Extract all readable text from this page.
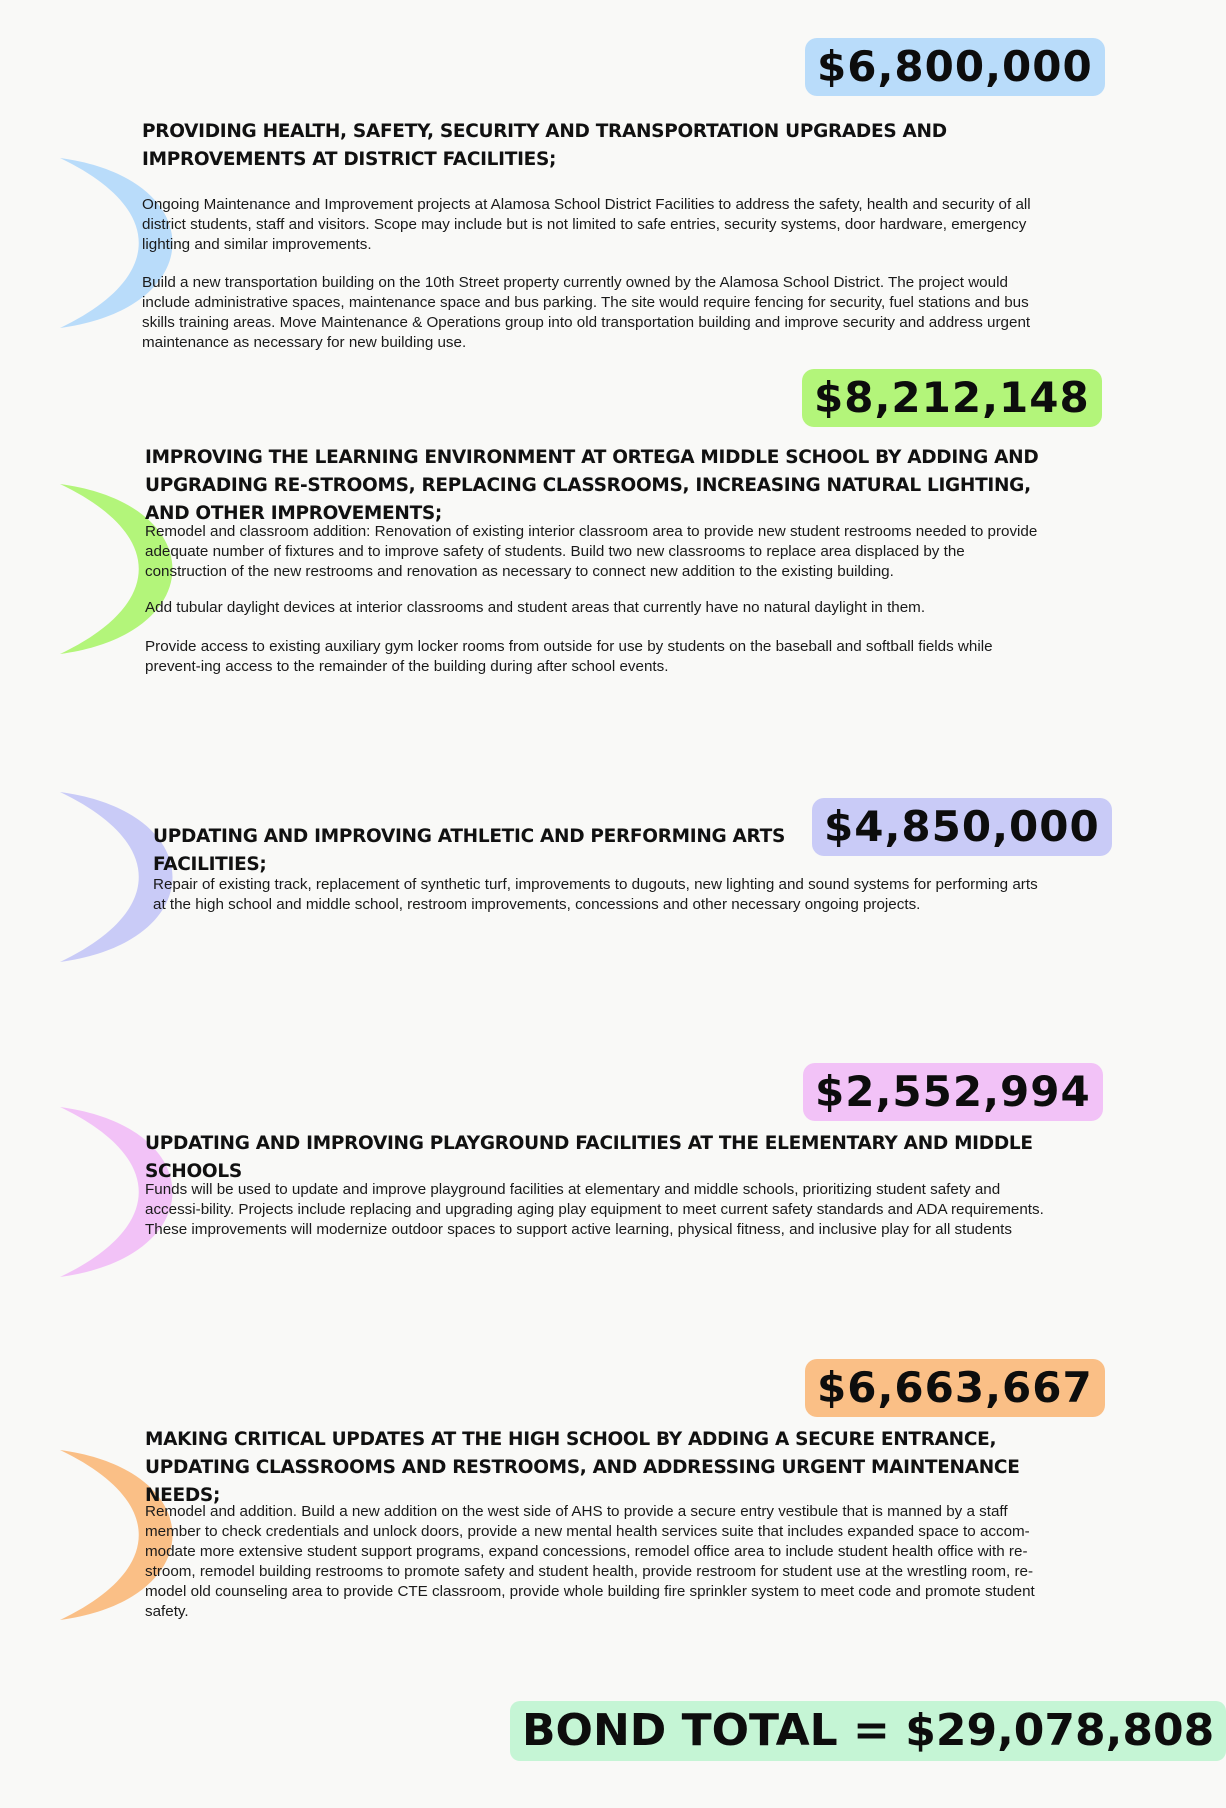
$6,800,000
PROVIDING HEALTH, SAFETY, SECURITY AND TRANSPORTATION UPGRADES AND IMPROVEMENTS AT DISTRICT FACILITIES;

Ongoing Maintenance and Improvement projects at Alamosa School District Facilities to address the safety, health and security of all district students, staff and visitors. Scope may include but is not limited to safe entries, security systems, door hardware, emergency lighting and similar improvements.

Build a new transportation building on the 10th Street property currently owned by the Alamosa School District. The project would include administrative spaces, maintenance space and bus parking. The site would require fencing for security, fuel stations and bus skills training areas. Move Maintenance & Operations group into old transportation building and improve security and address urgent maintenance as necessary for new building use.

$8,212,148
IMPROVING THE LEARNING ENVIRONMENT AT ORTEGA MIDDLE SCHOOL BY ADDING AND UPGRADING RE-STROOMS, REPLACING CLASSROOMS, INCREASING NATURAL LIGHTING, AND OTHER IMPROVEMENTS;

Remodel and classroom addition: Renovation of existing interior classroom area to provide new student restrooms needed to provide adequate number of fixtures and to improve safety of students. Build two new classrooms to replace area displaced by the construction of the new restrooms and renovation as necessary to connect new addition to the existing building.

Add tubular daylight devices at interior classrooms and student areas that currently have no natural daylight in them.

Provide access to existing auxiliary gym locker rooms from outside for use by students on the baseball and softball fields while prevent-ing access to the remainder of the building during after school events.

$4,850,000
UPDATING AND IMPROVING ATHLETIC AND PERFORMING ARTS FACILITIES;

Repair of existing track, replacement of synthetic turf, improvements to dugouts, new lighting and sound systems for performing arts at the high school and middle school, restroom improvements, concessions and other necessary ongoing projects.

$2,552,994
UPDATING AND IMPROVING PLAYGROUND FACILITIES AT THE ELEMENTARY AND MIDDLE SCHOOLS

Funds will be used to update and improve playground facilities at elementary and middle schools, prioritizing student safety and accessi-bility. Projects include replacing and upgrading aging play equipment to meet current safety standards and ADA requirements. These improvements will modernize outdoor spaces to support active learning, physical fitness, and inclusive play for all students

$6,663,667
MAKING CRITICAL UPDATES AT THE HIGH SCHOOL BY ADDING A SECURE ENTRANCE, UPDATING CLASSROOMS AND RESTROOMS, AND ADDRESSING URGENT MAINTENANCE NEEDS;

Remodel and addition. Build a new addition on the west side of AHS to provide a secure entry vestibule that is manned by a staff member to check credentials and unlock doors, provide a new mental health services suite that includes expanded space to accom-modate more extensive student support programs, expand concessions, remodel office area to include student health office with re-stroom, remodel building restrooms to promote safety and student health, provide restroom for student use at the wrestling room, re-model old counseling area to provide CTE classroom, provide whole building fire sprinkler system to meet code and promote student safety.

BOND TOTAL = $29,078,808
